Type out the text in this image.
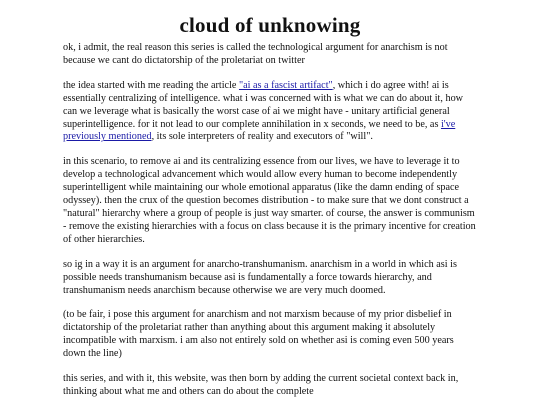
cloud of unknowing

ok, i admit, the real reason this series is called the technological argument for anarchism is not because we cant do dictatorship of the proletariat on twitter

the idea started with me reading the article "ai as a fascist artifact", which i do agree with! ai is essentially centralizing of intelligence. what i was concerned with is what we can do about it, how can we leverage what is basically the worst case of ai we might have - unitary artificial general superintelligence. for it not lead to our complete annihilation in x seconds, we need to be, as i've previously mentioned, its sole interpreters of reality and executors of "will".

in this scenario, to remove ai and its centralizing essence from our lives, we have to leverage it to develop a technological advancement which would allow every human to become independently superintelligent while maintaining our whole emotional apparatus (like the damn ending of space odyssey). then the crux of the question becomes distribution - to make sure that we dont construct a "natural" hierarchy where a group of people is just way smarter. of course, the answer is communism - remove the existing hierarchies with a focus on class because it is the primary incentive for creation of other hierarchies.

so ig in a way it is an argument for anarcho-transhumanism. anarchism in a world in which asi is possible needs transhumanism because asi is fundamentally a force towards hierarchy, and transhumanism needs anarchism because otherwise we are very much doomed.

(to be fair, i pose this argument for anarchism and not marxism because of my prior disbelief in dictatorship of the proletariat rather than anything about this argument making it absolutely incompatible with marxism. i am also not entirely sold on whether asi is coming even 500 years down the line)

this series, and with it, this website, was then born by adding the current societal context back in, thinking about what me and others can do about the complete
